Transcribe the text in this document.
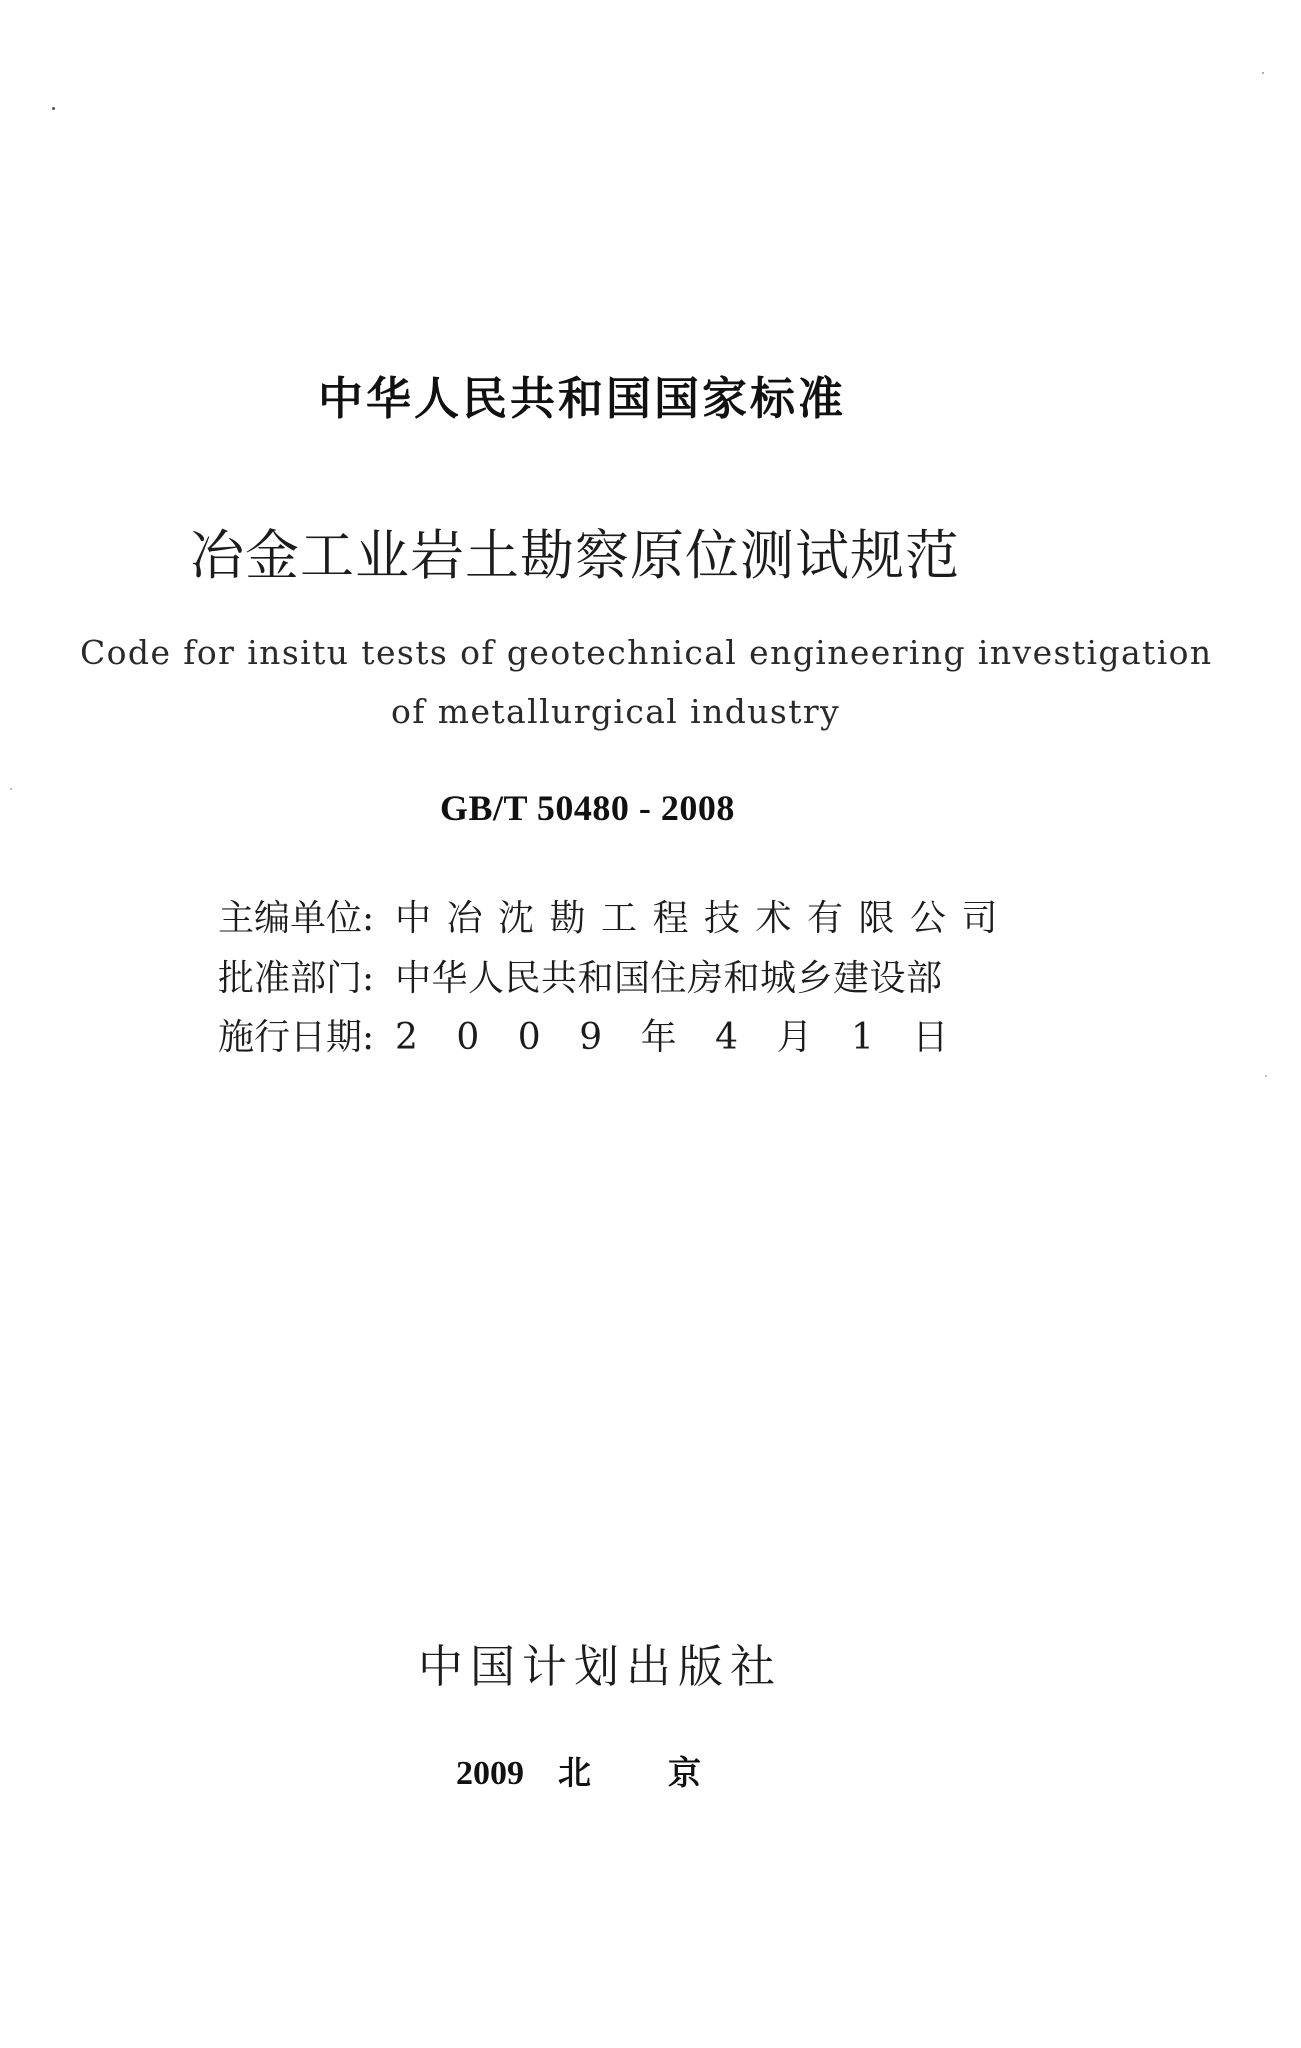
中华人民共和国国家标准
冶金工业岩土勘察原位测试规范
Code for insitu tests of geotechnical engineering investigation
of metallurgical industry
GB/T 50480 - 2008
主编单位: 中冶沈勘工程技术有限公司
批准部门: 中华人民共和国住房和城乡建设部
施行日期: 2009年4月1日
中国计划出版社
2009 北京
